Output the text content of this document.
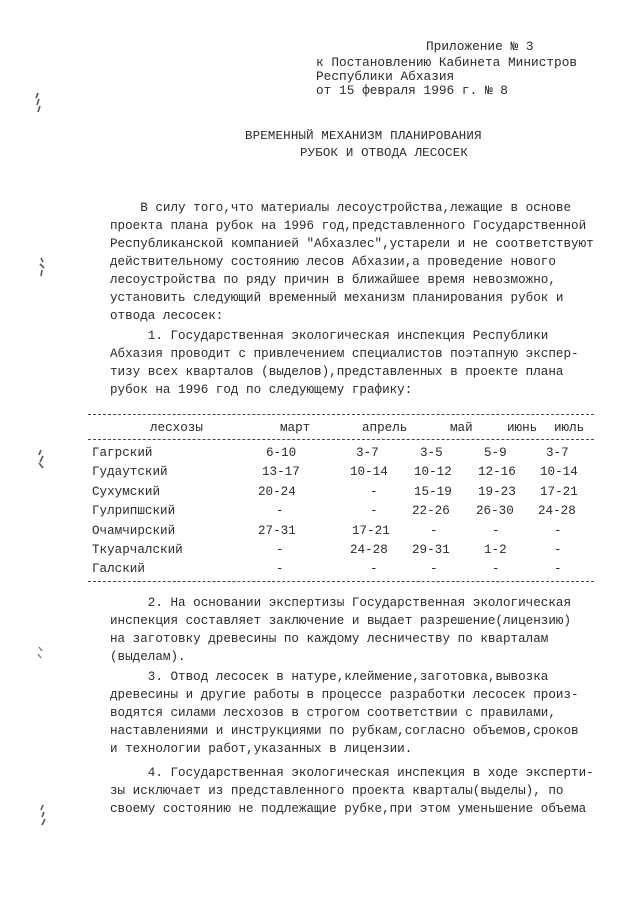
Приложение № 3
к Постановлению Кабинета Министров
Республики Абхазия
от 15 февраля 1996 г. № 8
ВРЕМЕННЫЙ МЕХАНИЗМ ПЛАНИРОВАНИЯ
РУБОК И ОТВОДА ЛЕСОСЕК
В силу того,что материалы лесоустройства,лежащие в основе
проекта плана рубок на 1996 год,представленного Государственной
Республиканской компанией "Абхазлес",устарели и не соответствуют
действительному состоянию лесов Абхазии,а проведение нового
лесоустройства по ряду причин в ближайшее время невозможно,
установить следующий временный механизм планирования рубок и
отвода лесосек:
1. Государственная экологическая инспекция Республики
Абхазия проводит с привлечением специалистов поэтапную экспер-
тизу всех кварталов (выделов),представленных в проекте плана
рубок на 1996 год по следующему графику:
лесхозы	март	апрель	май	июнь июль
Гагрский	6-10	3-7	3-5	5-9	3-7
Гудаутский	13-17	10-14 10-12 12-16 10-14
Сухумский	20-24	-	15-19 19-23 17-21
Гулрипшский	-	-	22-26 26-30 24-28
Очамчирский	27-31	17-21	-	-	-
Ткуарчалский	-	24-28 29-31	1-2	-
Галский	-	-	-	-	-
2. На основании экспертизы Государственная экологическая
инспекция составляет заключение и выдает разрешение(лицензию)
на заготовку древесины по каждому лесничеству по кварталам
(выделам).
3. Отвод лесосек в натуре,клеймение,заготовка,вывозка
древесины и другие работы в процессе разработки лесосек произ-
водятся силами лесхозов в строгом соответствии с правилами,
наставлениями и инструкциями по рубкам,согласно объемов,сроков
и технологии работ,указанных в лицензии.
4. Государственная экологическая инспекция в ходе эксперти-
зы исключает из представленного проекта кварталы(выделы), по
своему состоянию не подлежащие рубке,при этом уменьшение объема
